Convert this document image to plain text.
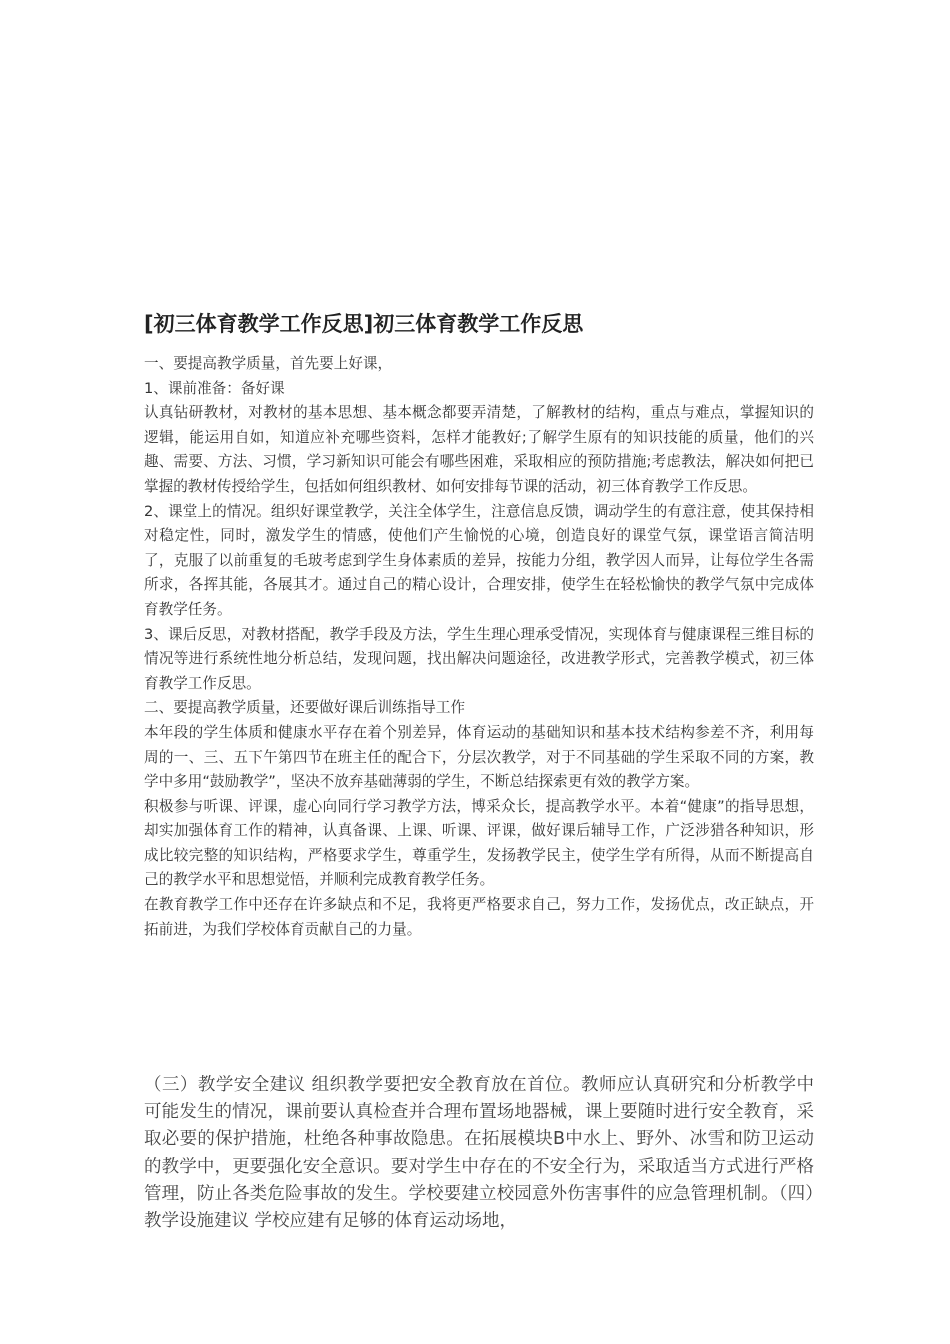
[初三体育教学工作反思]初三体育教学工作反思

一、要提高教学质量，首先要上好课，

1、课前准备：备好课

认真钻研教材，对教材的基本思想、基本概念都要弄清楚，了解教材的结构，重点与难点，掌握知识的逻辑，能运用自如，知道应补充哪些资料，怎样才能教好;了解学生原有的知识技能的质量，他们的兴趣、需要、方法、习惯，学习新知识可能会有哪些困难，采取相应的预防措施;考虑教法，解决如何把已掌握的教材传授给学生，包括如何组织教材、如何安排每节课的活动，初三体育教学工作反思。

2、课堂上的情况。组织好课堂教学，关注全体学生，注意信息反馈，调动学生的有意注意，使其保持相对稳定性，同时，激发学生的情感，使他们产生愉悦的心境，创造良好的课堂气氛，课堂语言简洁明了，克服了以前重复的毛玻考虑到学生身体素质的差异，按能力分组，教学因人而异，让每位学生各需所求，各挥其能，各展其才。通过自己的精心设计，合理安排，使学生在轻松愉快的教学气氛中完成体育教学任务。

3、课后反思，对教材搭配，教学手段及方法，学生生理心理承受情况，实现体育与健康课程三维目标的情况等进行系统性地分析总结，发现问题，找出解决问题途径，改进教学形式，完善教学模式，初三体育教学工作反思。

二、要提高教学质量，还要做好课后训练指导工作

本年段的学生体质和健康水平存在着个别差异，体育运动的基础知识和基本技术结构参差不齐，利用每周的一、三、五下午第四节在班主任的配合下，分层次教学，对于不同基础的学生采取不同的方案，教学中多用“鼓励教学”，坚决不放弃基础薄弱的学生，不断总结探索更有效的教学方案。

积极参与听课、评课，虚心向同行学习教学方法，博采众长，提高教学水平。本着“健康”的指导思想，却实加强体育工作的精神，认真备课、上课、听课、评课，做好课后辅导工作，广泛涉猎各种知识，形成比较完整的知识结构，严格要求学生，尊重学生，发扬教学民主，使学生学有所得，从而不断提高自己的教学水平和思想觉悟，并顺利完成教育教学任务。

在教育教学工作中还存在许多缺点和不足，我将更严格要求自己，努力工作，发扬优点，改正缺点，开拓前进，为我们学校体育贡献自己的力量。

（三）教学安全建议 组织教学要把安全教育放在首位。教师应认真研究和分析教学中可能发生的情况，课前要认真检查并合理布置场地器械，课上要随时进行安全教育，采取必要的保护措施，杜绝各种事故隐患。在拓展模块B中水上、野外、冰雪和防卫运动的教学中，更要强化安全意识。要对学生中存在的不安全行为，采取适当方式进行严格管理，防止各类危险事故的发生。学校要建立校园意外伤害事件的应急管理机制。（四）教学设施建议 学校应建有足够的体育运动场地，
